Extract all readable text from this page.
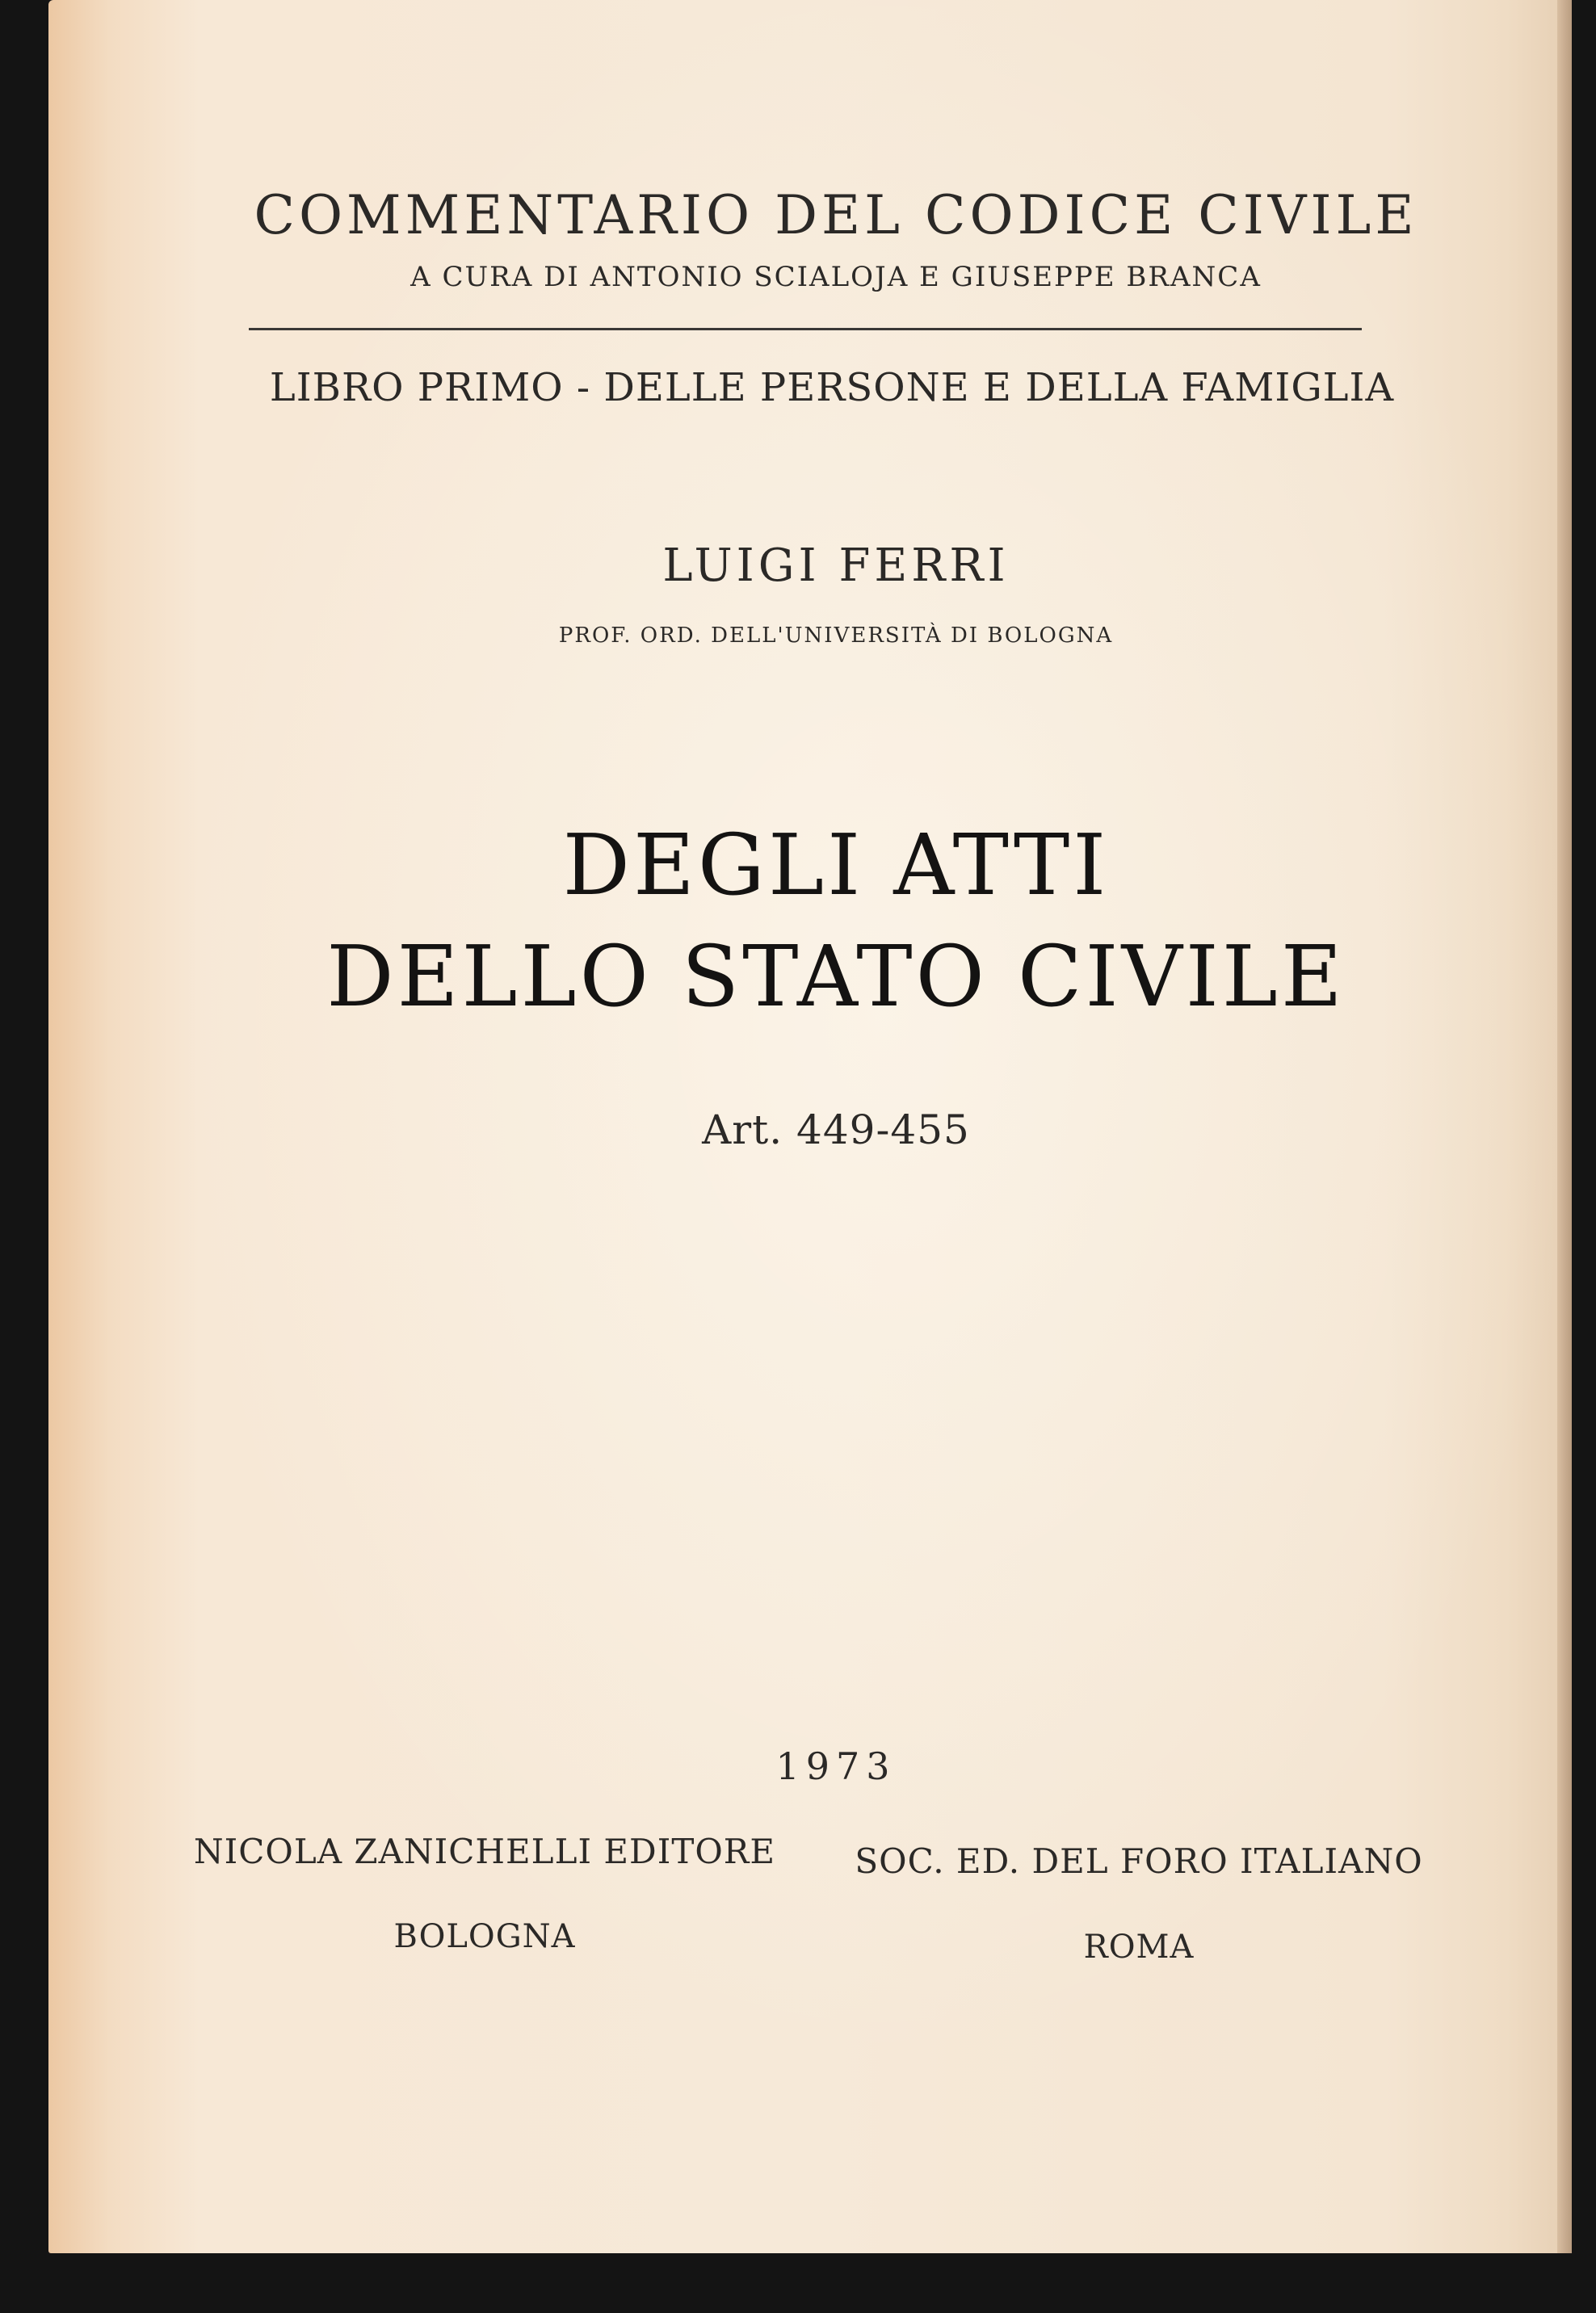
COMMENTARIO DEL CODICE CIVILE
A CURA DI ANTONIO SCIALOJA E GIUSEPPE BRANCA
LIBRO PRIMO - DELLE PERSONE E DELLA FAMIGLIA
LUIGI FERRI
PROF. ORD. DELL'UNIVERSITÀ DI BOLOGNA
DEGLI ATTI
DELLO STATO CIVILE
Art. 449-455
1973
NICOLA ZANICHELLI EDITORE
BOLOGNA
SOC. ED. DEL FORO ITALIANO
ROMA
